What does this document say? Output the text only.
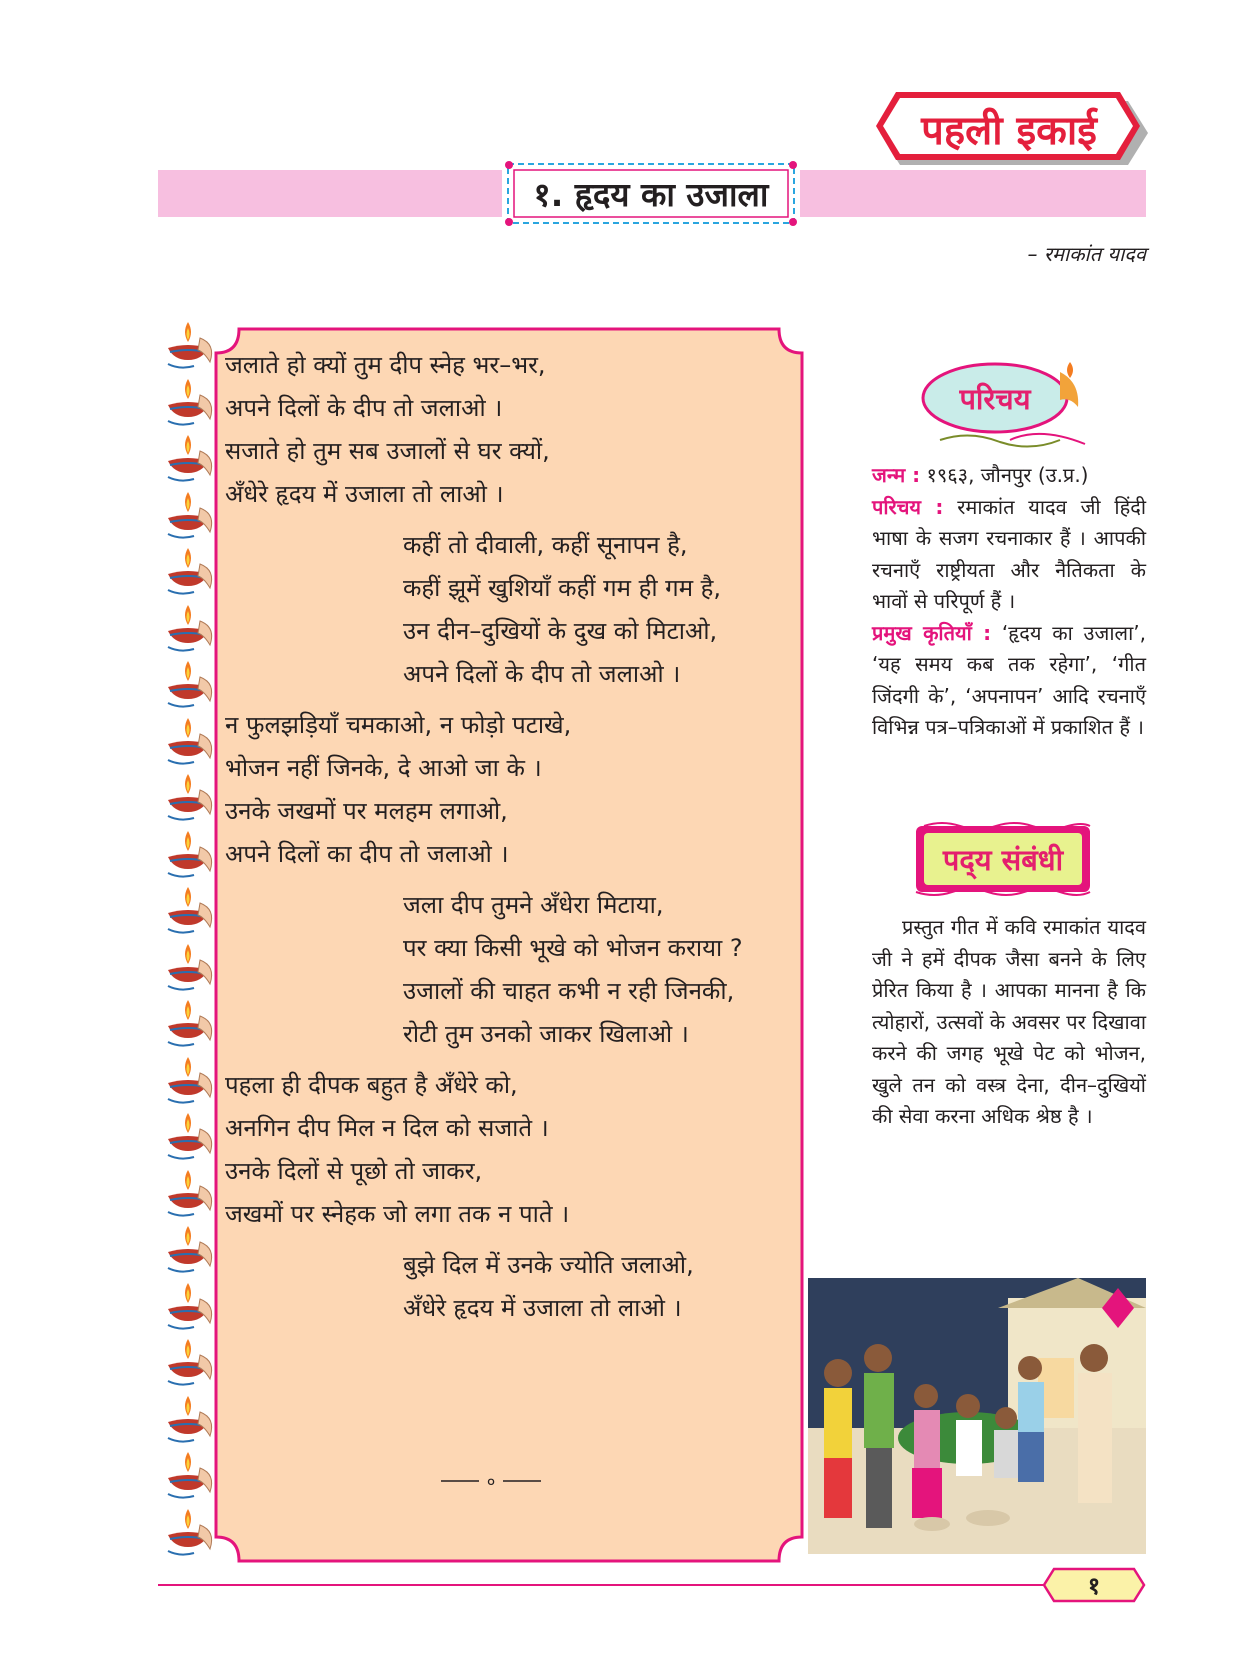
पहली इकाई
१. हृदय का उजाला
– रमाकांत यादव
जलाते हो क्यों तुम दीप स्नेह भर–भर,
अपने दिलों के दीप तो जलाओ ।
सजाते हो तुम सब उजालों से घर क्यों,
अँधेरे हृदय में उजाला तो लाओ ।
कहीं तो दीवाली, कहीं सूनापन है,
कहीं झूमें खुशियाँ कहीं गम ही गम है,
उन दीन–दुखियों के दुख को मिटाओ,
अपने दिलों के दीप तो जलाओ ।
न फुलझड़ियाँ चमकाओ, न फोड़ो पटाखे,
भोजन नहीं जिनके, दे आओ जा के ।
उनके जखमों पर मलहम लगाओ,
अपने दिलों का दीप तो जलाओ ।
जला दीप तुमने अँधेरा मिटाया,
पर क्या किसी भूखे को भोजन कराया ?
उजालों की चाहत कभी न रही जिनकी,
रोटी तुम उनको जाकर खिलाओ ।
पहला ही दीपक बहुत है अँधेरे को,
अनगिन दीप मिल न दिल को सजाते ।
उनके दिलों से पूछो तो जाकर,
जखमों पर स्नेहक जो लगा तक न पाते ।
बुझे दिल में उनके ज्योति जलाओ,
अँधेरे हृदय में उजाला तो लाओ ।
०
परिचय
जन्म : १९६३, जौनपुर (उ.प्र.)
परिचय : रमाकांत यादव जी हिंदी भाषा के सजग रचनाकार हैं । आपकी रचनाएँ राष्ट्रीयता और नैतिकता के भावों से परिपूर्ण हैं ।
प्रमुख कृतियाँ : ‘हृदय का उजाला’, ‘यह समय कब तक रहेगा’, ‘गीत जिंदगी के’, ‘अपनापन’ आदि रचनाएँ विभिन्न पत्र–पत्रिकाओं में प्रकाशित हैं ।
पद्‍य संबंधी
प्रस्तुत गीत में कवि रमाकांत यादव जी ने हमें दीपक जैसा बनने के लिए प्रेरित किया है । आपका मानना है कि त्योहारों, उत्सवों के अवसर पर दिखावा करने की जगह भूखे पेट को भोजन, खुले तन को वस्त्र देना, दीन–दुखियों की सेवा करना अधिक श्रेष्ठ है ।
१
